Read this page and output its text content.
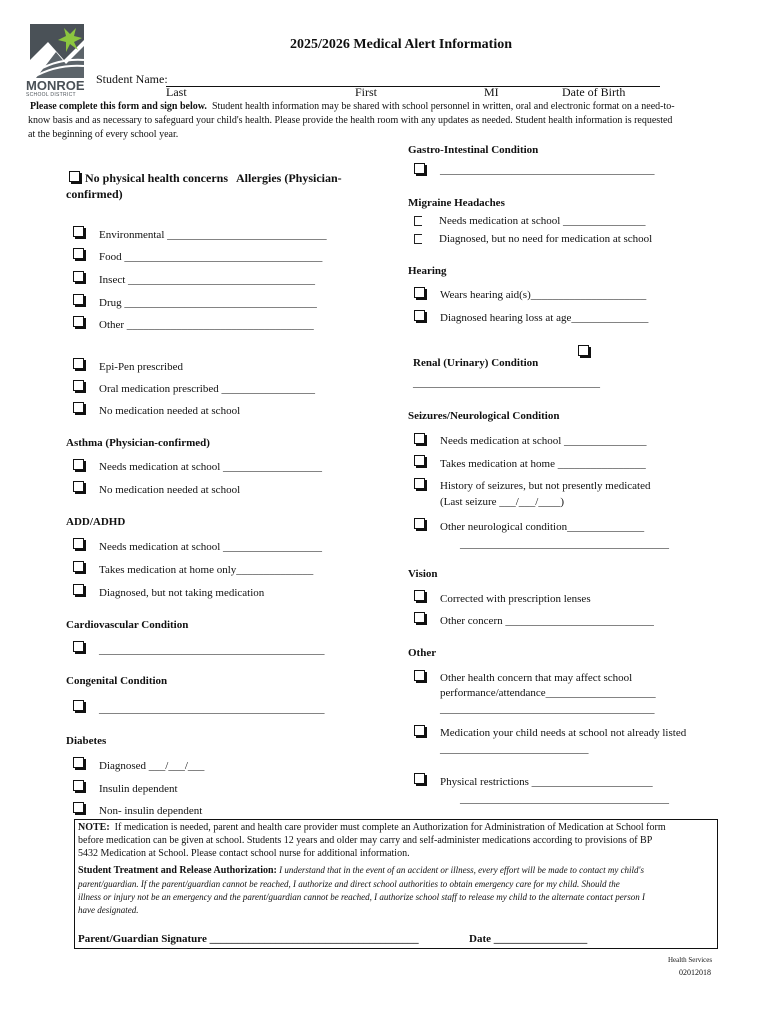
MONROE
SCHOOL DISTRICT
2025/2026 Medical Alert Information
Student Name:
Last	First	MI	Date of Birth
Please complete this form and sign below. Student health information may be shared with school personnel in written, oral and electronic format on a need-to-
know basis and as necessary to safeguard your child's health. Please provide the health room with any updates as needed. Student health information is requested
at the beginning of every school year.
No physical health concerns Allergies (Physician-
confirmed)
Environmental _____________________________
Food ____________________________________
Insect __________________________________
Drug ___________________________________
Other __________________________________
Epi-Pen prescribed
Oral medication prescribed _________________
No medication needed at school
Asthma (Physician-confirmed)
Needs medication at school __________________
No medication needed at school
ADD/ADHD
Needs medication at school __________________
Takes medication at home only______________
Diagnosed, but not taking medication
Cardiovascular Condition
_________________________________________
Congenital Condition
_________________________________________
Diabetes
Diagnosed ___/___/___
Insulin dependent
Non- insulin dependent
Gastro-Intestinal Condition
_______________________________________
Migraine Headaches
Needs medication at school _______________
Diagnosed, but no need for medication at school
Hearing
Wears hearing aid(s)_____________________
Diagnosed hearing loss at age______________
Renal (Urinary) Condition
__________________________________
Seizures/Neurological Condition
Needs medication at school _______________
Takes medication at home ________________
History of seizures, but not presently medicated
(Last seizure ___/___/____)
Other neurological condition______________
______________________________________
Vision
Corrected with prescription lenses
Other concern ___________________________
Other
Other health concern that may affect school
performance/attendance____________________
_______________________________________
Medication your child needs at school not already listed
___________________________
Physical restrictions ______________________
______________________________________
NOTE: If medication is needed, parent and health care provider must complete an Authorization for Administration of Medication at School form
before medication can be given at school. Students 12 years and older may carry and self-administer medications according to provisions of BP
5432 Medication at School. Please contact school nurse for additional information.
Student Treatment and Release Authorization: I understand that in the event of an accident or illness, every effort will be made to contact my child's
parent/guardian. If the parent/guardian cannot be reached, I authorize and direct school authorities to obtain emergency care for my child. Should the
illness or injury not be an emergency and the parent/guardian cannot be reached, I authorize school staff to release my child to the alternate contact person I
have designated.
Parent/Guardian Signature ______________________________________	Date _________________
Health Services
02012018
